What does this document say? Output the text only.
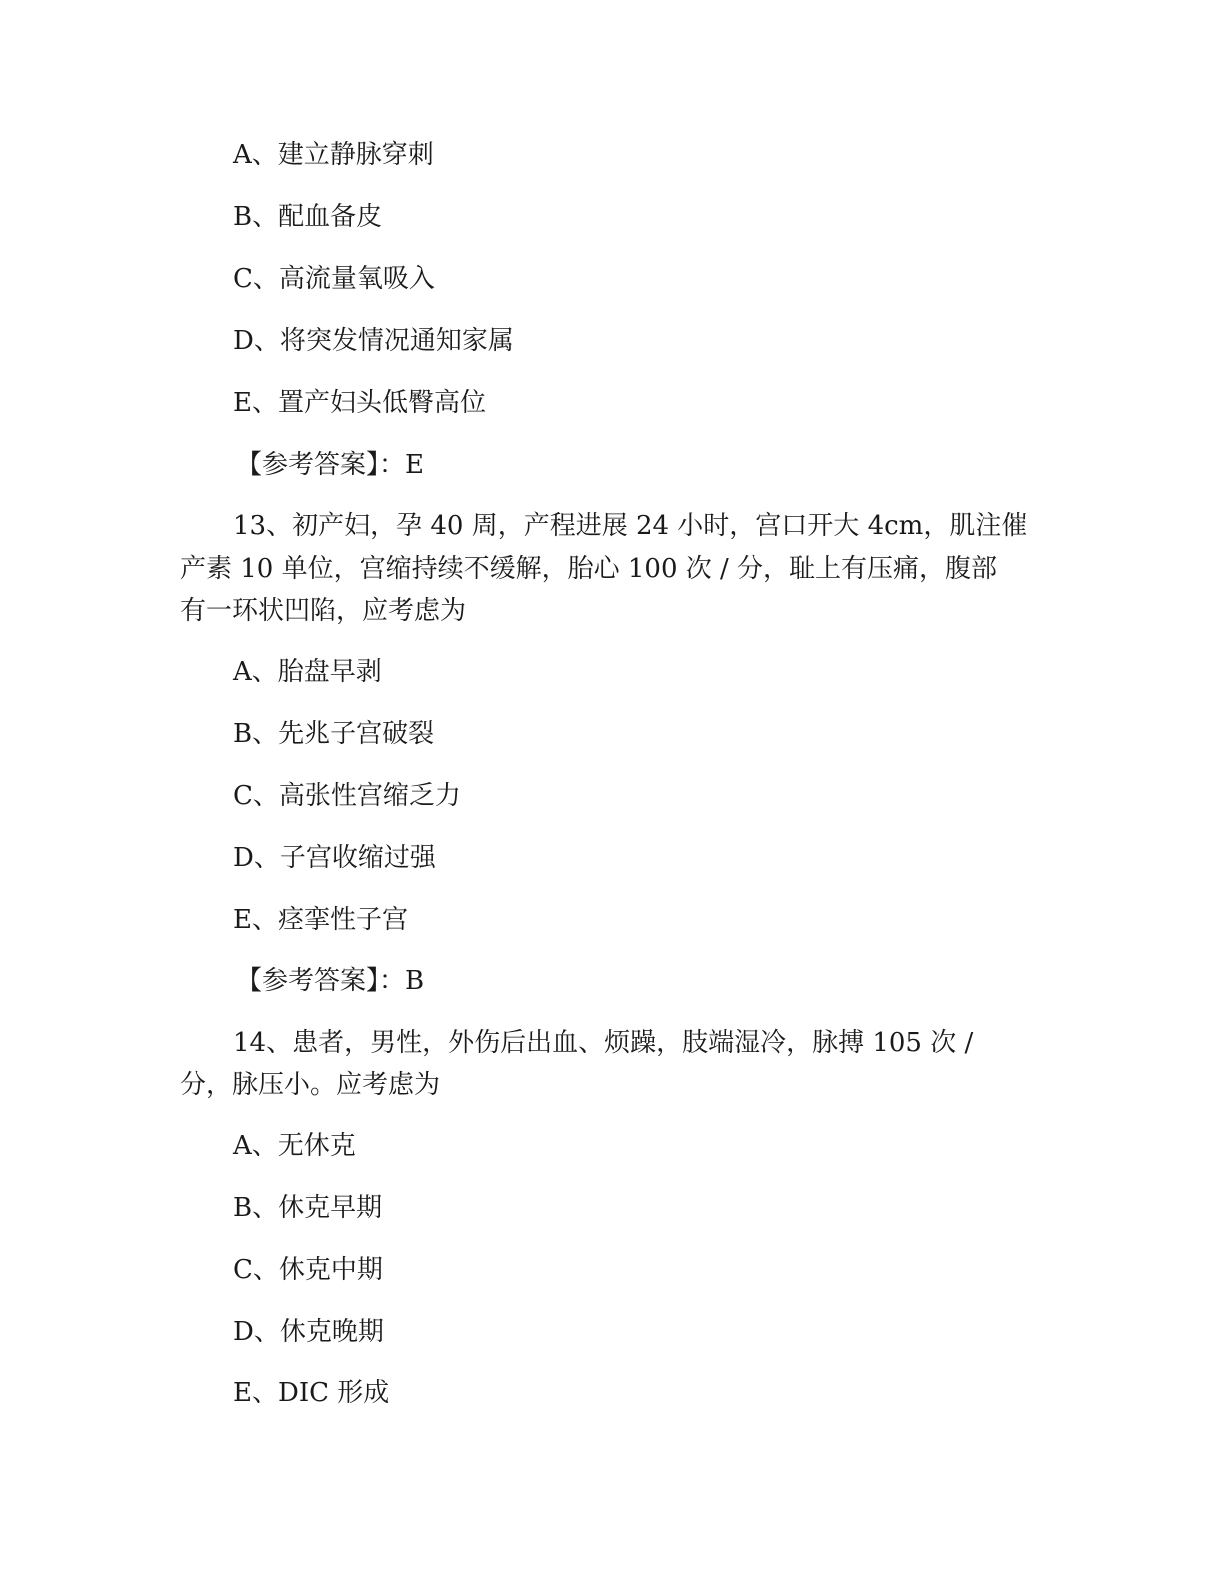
A、建立静脉穿刺
B、配血备皮
C、高流量氧吸入
D、将突发情况通知家属
E、置产妇头低臀高位
【参考答案】：E
13、初产妇，孕 40 周，产程进展 24 小时，宫口开大 4cm，肌注催
产素 10 单位，宫缩持续不缓解，胎心 100 次 / 分，耻上有压痛，腹部
有一环状凹陷，应考虑为
A、胎盘早剥
B、先兆子宫破裂
C、高张性宫缩乏力
D、子宫收缩过强
E、痉挛性子宫
【参考答案】：B
14、患者，男性，外伤后出血、烦躁，肢端湿冷，脉搏 105 次 /
分，脉压小。应考虑为
A、无休克
B、休克早期
C、休克中期
D、休克晚期
E、DIC 形成
